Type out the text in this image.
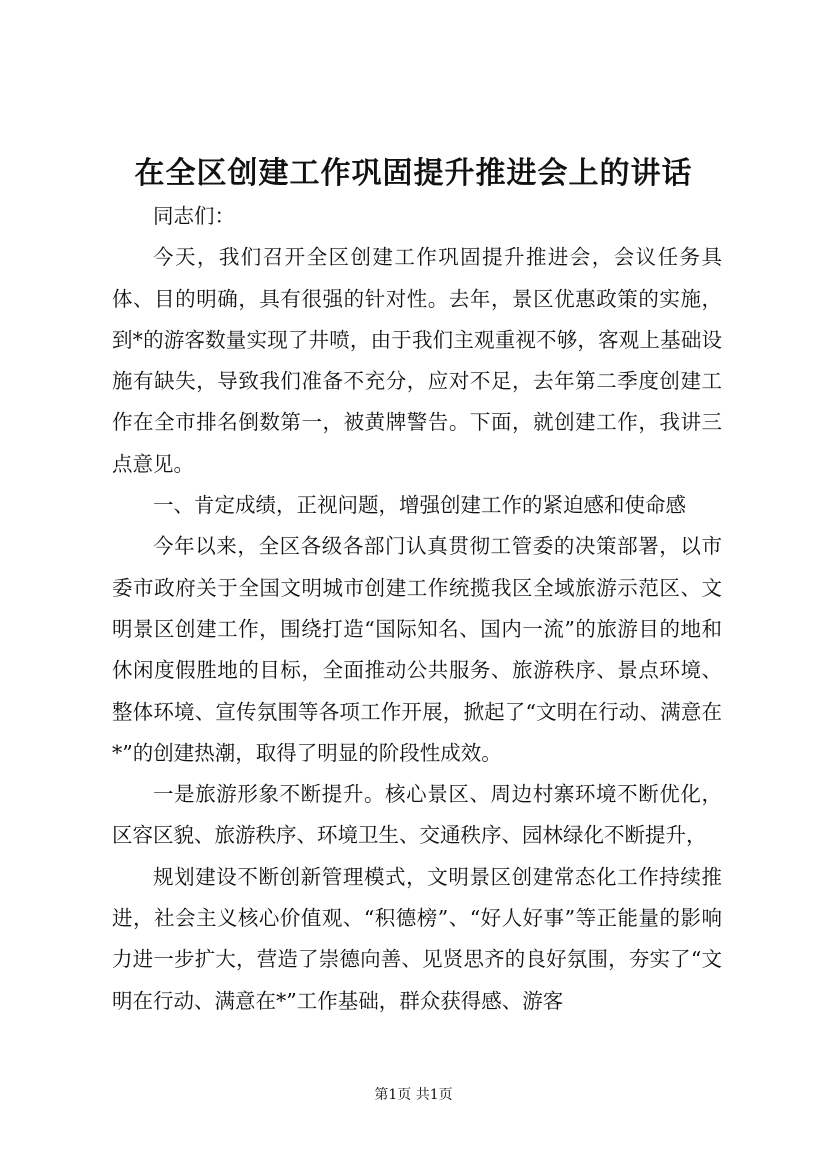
在全区创建工作巩固提升推进会上的讲话

同志们：

今天，我们召开全区创建工作巩固提升推进会，会议任务具体、目的明确，具有很强的针对性。去年，景区优惠政策的实施，到*的游客数量实现了井喷，由于我们主观重视不够，客观上基础设施有缺失，导致我们准备不充分，应对不足，去年第二季度创建工作在全市排名倒数第一，被黄牌警告。下面，就创建工作，我讲三点意见。

一、肯定成绩，正视问题，增强创建工作的紧迫感和使命感

今年以来，全区各级各部门认真贯彻工管委的决策部署，以市委市政府关于全国文明城市创建工作统揽我区全域旅游示范区、文明景区创建工作，围绕打造“国际知名、国内一流”的旅游目的地和休闲度假胜地的目标，全面推动公共服务、旅游秩序、景点环境、整体环境、宣传氛围等各项工作开展，掀起了“文明在行动、满意在*”的创建热潮，取得了明显的阶段性成效。

一是旅游形象不断提升。核心景区、周边村寨环境不断优化，区容区貌、旅游秩序、环境卫生、交通秩序、园林绿化不断提升，

规划建设不断创新管理模式，文明景区创建常态化工作持续推进，社会主义核心价值观、“积德榜”、“好人好事”等正能量的影响力进一步扩大，营造了崇德向善、见贤思齐的良好氛围，夯实了“文明在行动、满意在*”工作基础，群众获得感、游客

第1页 共1页
